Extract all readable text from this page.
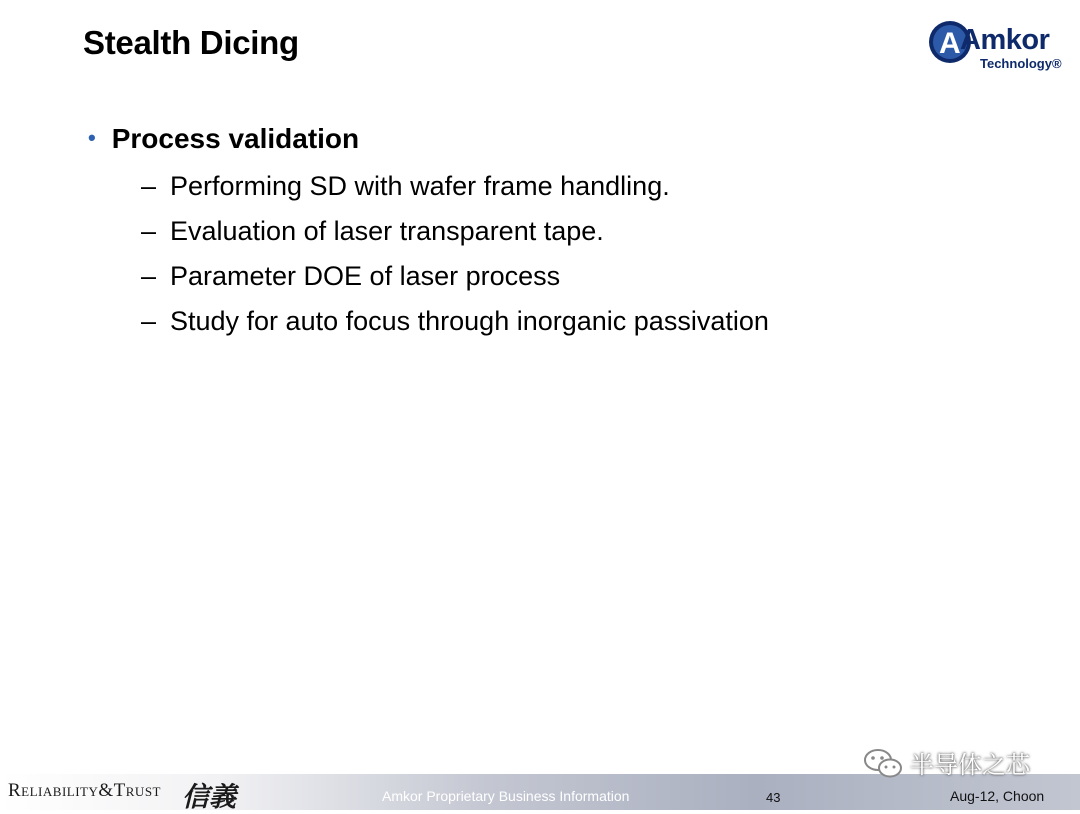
Stealth Dicing	A Amkor
Technology®
• Process validation
– Performing SD with wafer frame handling.
– Evaluation of laser transparent tape.
– Parameter DOE of laser process
– Study for auto focus through inorganic passivation
Reliability&Trust 信義	Amkor Proprietary Business Information	43	Aug-12, Choon
半导体之芯
